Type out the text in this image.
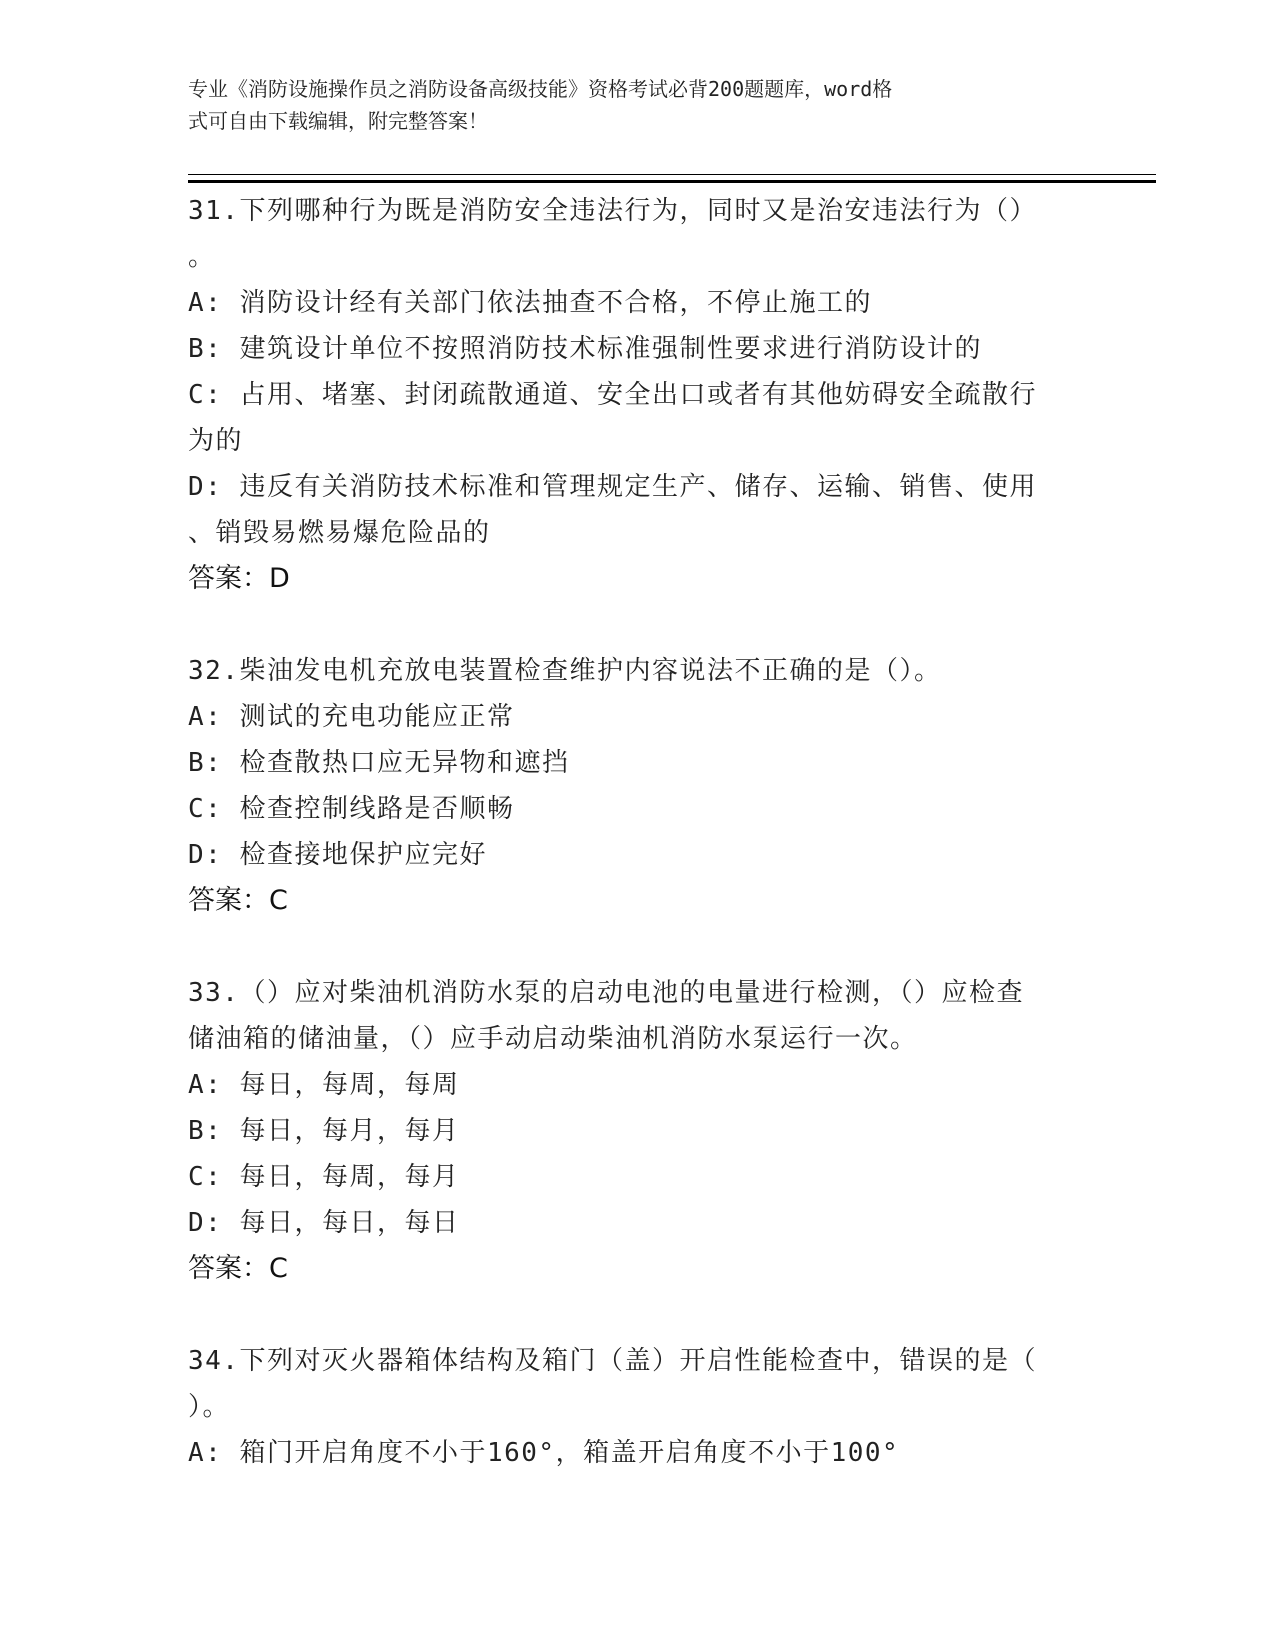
专业《消防设施操作员之消防设备高级技能》资格考试必背200题题库，word格
式可自由下载编辑，附完整答案！

31.下列哪种行为既是消防安全违法行为，同时又是治安违法行为（）

。

A: 消防设计经有关部门依法抽查不合格，不停止施工的

B: 建筑设计单位不按照消防技术标准强制性要求进行消防设计的

C: 占用、堵塞、封闭疏散通道、安全出口或者有其他妨碍安全疏散行

为的

D: 违反有关消防技术标准和管理规定生产、储存、运输、销售、使用

、销毁易燃易爆危险品的

答案：D

32.柴油发电机充放电装置检查维护内容说法不正确的是（）。

A: 测试的充电功能应正常

B: 检查散热口应无异物和遮挡

C: 检查控制线路是否顺畅

D: 检查接地保护应完好

答案：C

33.（）应对柴油机消防水泵的启动电池的电量进行检测，（）应检查

储油箱的储油量，（）应手动启动柴油机消防水泵运行一次。

A: 每日，每周，每周

B: 每日，每月，每月

C: 每日，每周，每月

D: 每日，每日，每日

答案：C

34.下列对灭火器箱体结构及箱门（盖）开启性能检查中，错误的是（

）。

A: 箱门开启角度不小于160°，箱盖开启角度不小于100°
